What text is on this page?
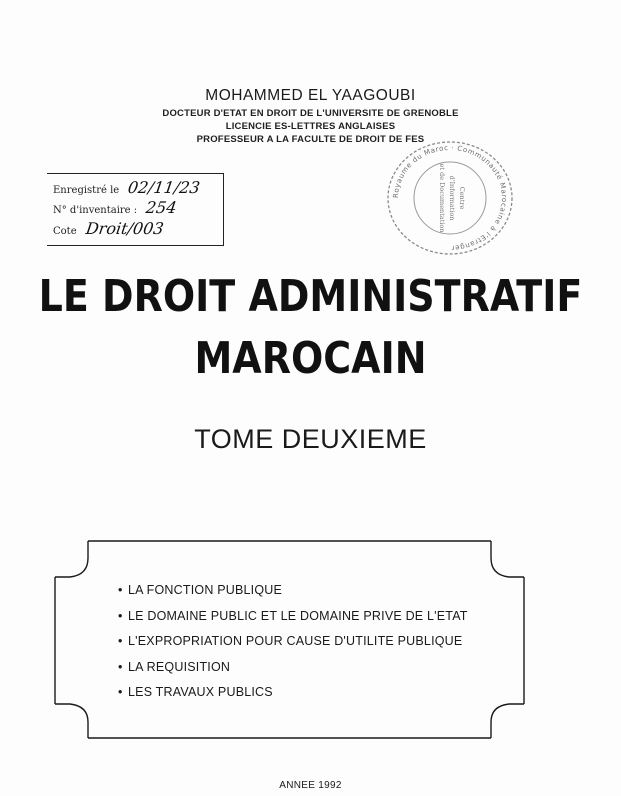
MOHAMMED EL YAAGOUBI
DOCTEUR D'ETAT EN DROIT DE L'UNIVERSITE DE GRENOBLE
LICENCIE ES-LETTRES ANGLAISES
PROFESSEUR A LA FACULTE DE DROIT DE FES
Enregistré le 02/11/23
N° d'inventaire : 254
Cote Droit/003
Royaume du Maroc · Communauté Marocaine à l'Etranger
Centre
d'Information
et de Documentation
LE DROIT ADMINISTRATIF
MAROCAIN
TOME DEUXIEME
• LA FONCTION PUBLIQUE
• LE DOMAINE PUBLIC ET LE DOMAINE PRIVE DE L'ETAT
• L'EXPROPRIATION POUR CAUSE D'UTILITE PUBLIQUE
• LA REQUISITION
• LES TRAVAUX PUBLICS
ANNEE 1992
